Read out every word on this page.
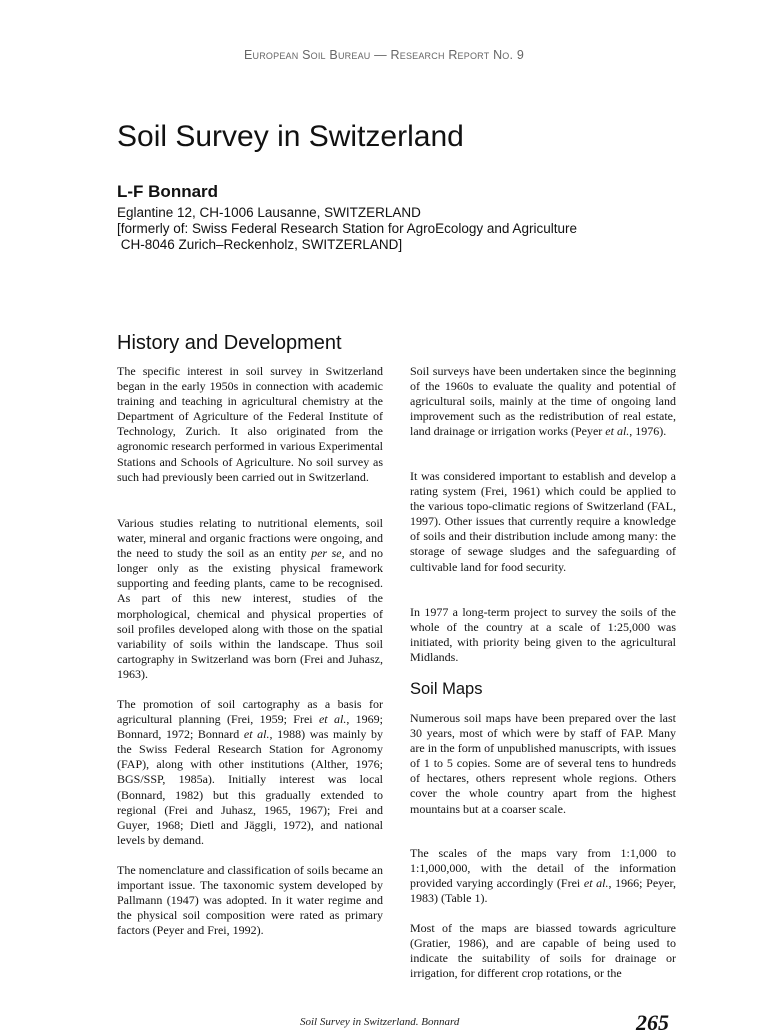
European Soil Bureau — Research Report No. 9
Soil Survey in Switzerland
L-F Bonnard
Eglantine 12, CH-1006 Lausanne, SWITZERLAND
[formerly of: Swiss Federal Research Station for AgroEcology and Agriculture
CH-8046 Zurich–Reckenholz, SWITZERLAND]
History and Development

The specific interest in soil survey in Switzerland began in the early 1950s in connection with academic training and teaching in agricultural chemistry at the Department of Agriculture of the Federal Institute of Technology, Zurich. It also originated from the agronomic research performed in various Experimental Stations and Schools of Agriculture. No soil survey as such had previously been carried out in Switzerland.

Various studies relating to nutritional elements, soil water, mineral and organic fractions were ongoing, and the need to study the soil as an entity per se, and no longer only as the existing physical framework supporting and feeding plants, came to be recognised. As part of this new interest, studies of the morphological, chemical and physical properties of soil profiles developed along with those on the spatial variability of soils within the landscape. Thus soil cartography in Switzerland was born (Frei and Juhasz, 1963).

The promotion of soil cartography as a basis for agricultural planning (Frei, 1959; Frei et al., 1969; Bonnard, 1972; Bonnard et al., 1988) was mainly by the Swiss Federal Research Station for Agronomy (FAP), along with other institutions (Alther, 1976; BGS/SSP, 1985a). Initially interest was local (Bonnard, 1982) but this gradually extended to regional (Frei and Juhasz, 1965, 1967); Frei and Guyer, 1968; Dietl and Jäggli, 1972), and national levels by demand.

The nomenclature and classification of soils became an important issue. The taxonomic system developed by Pallmann (1947) was adopted. In it water regime and the physical soil composition were rated as primary factors (Peyer and Frei, 1992).

Soil surveys have been undertaken since the beginning of the 1960s to evaluate the quality and potential of agricultural soils, mainly at the time of ongoing land improvement such as the redistribution of real estate, land drainage or irrigation works (Peyer et al., 1976).

It was considered important to establish and develop a rating system (Frei, 1961) which could be applied to the various topo-climatic regions of Switzerland (FAL, 1997). Other issues that currently require a knowledge of soils and their distribution include among many: the storage of sewage sludges and the safeguarding of cultivable land for food security.

In 1977 a long-term project to survey the soils of the whole of the country at a scale of 1:25,000 was initiated, with priority being given to the agricultural Midlands.

Soil Maps

Numerous soil maps have been prepared over the last 30 years, most of which were by staff of FAP. Many are in the form of unpublished manuscripts, with issues of 1 to 5 copies. Some are of several tens to hundreds of hectares, others represent whole regions. Others cover the whole country apart from the highest mountains but at a coarser scale.

The scales of the maps vary from 1:1,000 to 1:1,000,000, with the detail of the information provided varying accordingly (Frei et al., 1966; Peyer, 1983) (Table 1).

Most of the maps are biassed towards agriculture (Gratier, 1986), and are capable of being used to indicate the suitability of soils for drainage or irrigation, for different crop rotations, or the

Soil Survey in Switzerland. Bonnard	265
